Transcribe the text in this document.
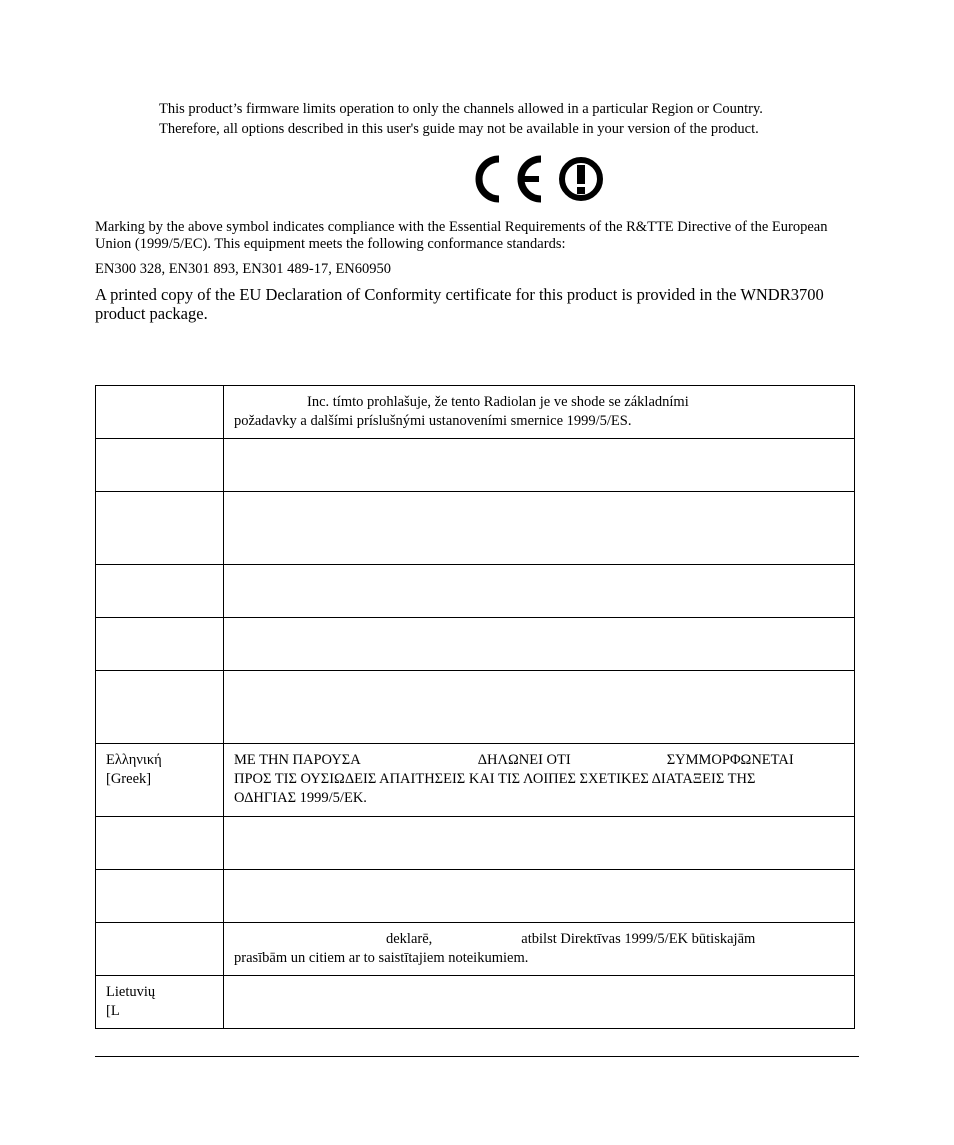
This product’s firmware limits operation to only the channels allowed in a particular Region or Country.
Therefore, all options described in this user's guide may not be available in your version of the product.

Marking by the above symbol indicates compliance with the Essential Requirements of the R&TTE Directive of the European Union (1999/5/EC). This equipment meets the following conformance standards:

EN300 328, EN301 893, EN301 489-17, EN60950

A printed copy of the EU Declaration of Conformity certificate for this product is provided in the WNDR3700 product package.

	Inc. tímto prohlašuje, že tento Radiolan je ve shode se základními
požadavky a dalšími príslušnými ustanoveními smernice 1999/5/ES.

Ελληνική
[Greek]	ΜΕ ΤΗΝ ΠΑΡΟΥΣΑ ΔΗΛΩΝΕΙ ΟΤΙ ΣΥΜΜΟΡΦΩΝΕΤΑΙ
ΠΡΟΣ ΤΙΣ ΟΥΣΙΩΔΕΙΣ ΑΠΑΙΤΗΣΕΙΣ ΚΑΙ ΤΙΣ ΛΟΙΠΕΣ ΣΧΕΤΙΚΕΣ ΔΙΑΤΑΞΕΙΣ ΤΗΣ
ΟΔΗΓΙΑΣ 1999/5/ΕΚ.

	deklarē, atbilst Direktīvas 1999/5/EK būtiskajām
prasībām un citiem ar to saistītajiem noteikumiem.
Lietuvių
[L	
